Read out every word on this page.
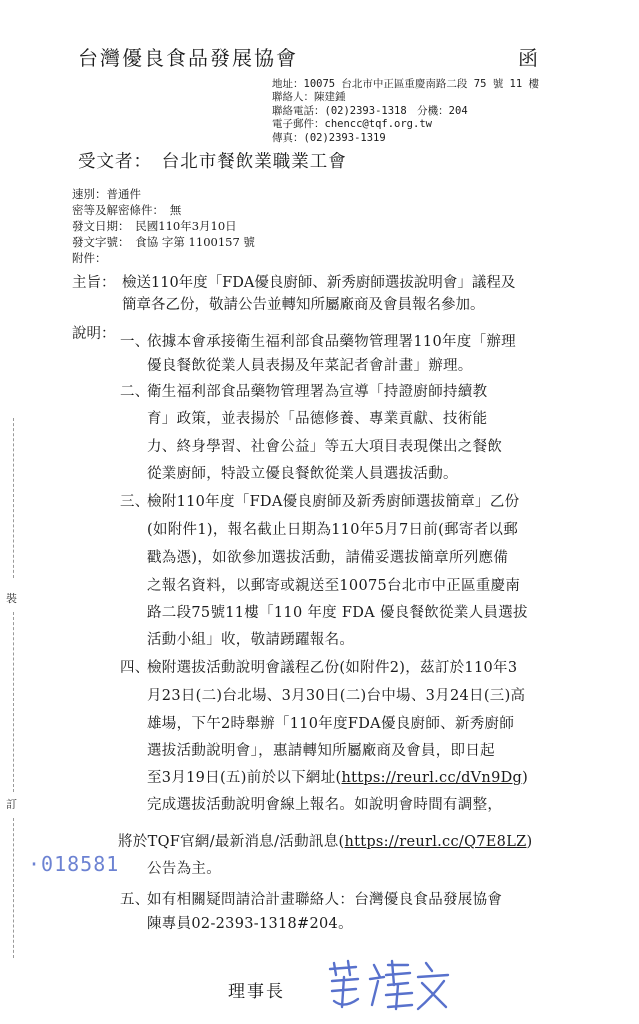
台灣優良食品發展協會	函
地址：10075 台北市中正區重慶南路二段 75 號 11 樓
聯絡人：陳建鍾
聯絡電話：(02)2393-1318　分機：204
電子郵件：chencc@tqf.org.tw
傳真：(02)2393-1319
受文者：　台北市餐飲業職業工會
速別：普通件
密等及解密條件：　無
發文日期：　民國110年3月10日
發文字號：　食協 字第 1100157 號
附件：
主旨： 檢送110年度「FDA優良廚師、新秀廚師選拔說明會」議程及
簡章各乙份，敬請公告並轉知所屬廠商及會員報名參加。
說明： 一、
依據本會承接衛生福利部食品藥物管理署110年度「辦理
優良餐飲從業人員表揚及年菜記者會計畫」辦理。
二、
衛生福利部食品藥物管理署為宣導「持證廚師持續教
育」政策，並表揚於「品德修養、專業貢獻、技術能
力、終身學習、社會公益」等五大項目表現傑出之餐飲
從業廚師，特設立優良餐飲從業人員選拔活動。
三、
檢附110年度「FDA優良廚師及新秀廚師選拔簡章」乙份
(如附件1)，報名截止日期為110年5月7日前(郵寄者以郵
戳為憑)，如欲參加選拔活動，請備妥選拔簡章所列應備
之報名資料，以郵寄或親送至10075台北市中正區重慶南
路二段75號11樓「110 年度 FDA 優良餐飲從業人員選拔
活動小組」收，敬請踴躍報名。
四、
檢附選拔活動說明會議程乙份(如附件2)，茲訂於110年3
月23日(二)台北場、3月30日(二)台中場、3月24日(三)高
雄場，下午2時舉辦「110年度FDA優良廚師、新秀廚師
選拔活動說明會」，惠請轉知所屬廠商及會員，即日起
至3月19日(五)前於以下網址(https://reurl.cc/dVn9Dg)
完成選拔活動說明會線上報名。如說明會時間有調整，
將於TQF官網/最新消息/活動訊息(https://reurl.cc/Q7E8LZ)
公告為主。
五、
如有相關疑問請洽計畫聯絡人：台灣優良食品發展協會
陳專員02-2393-1318#204。
裝
訂
·018581
理事長
